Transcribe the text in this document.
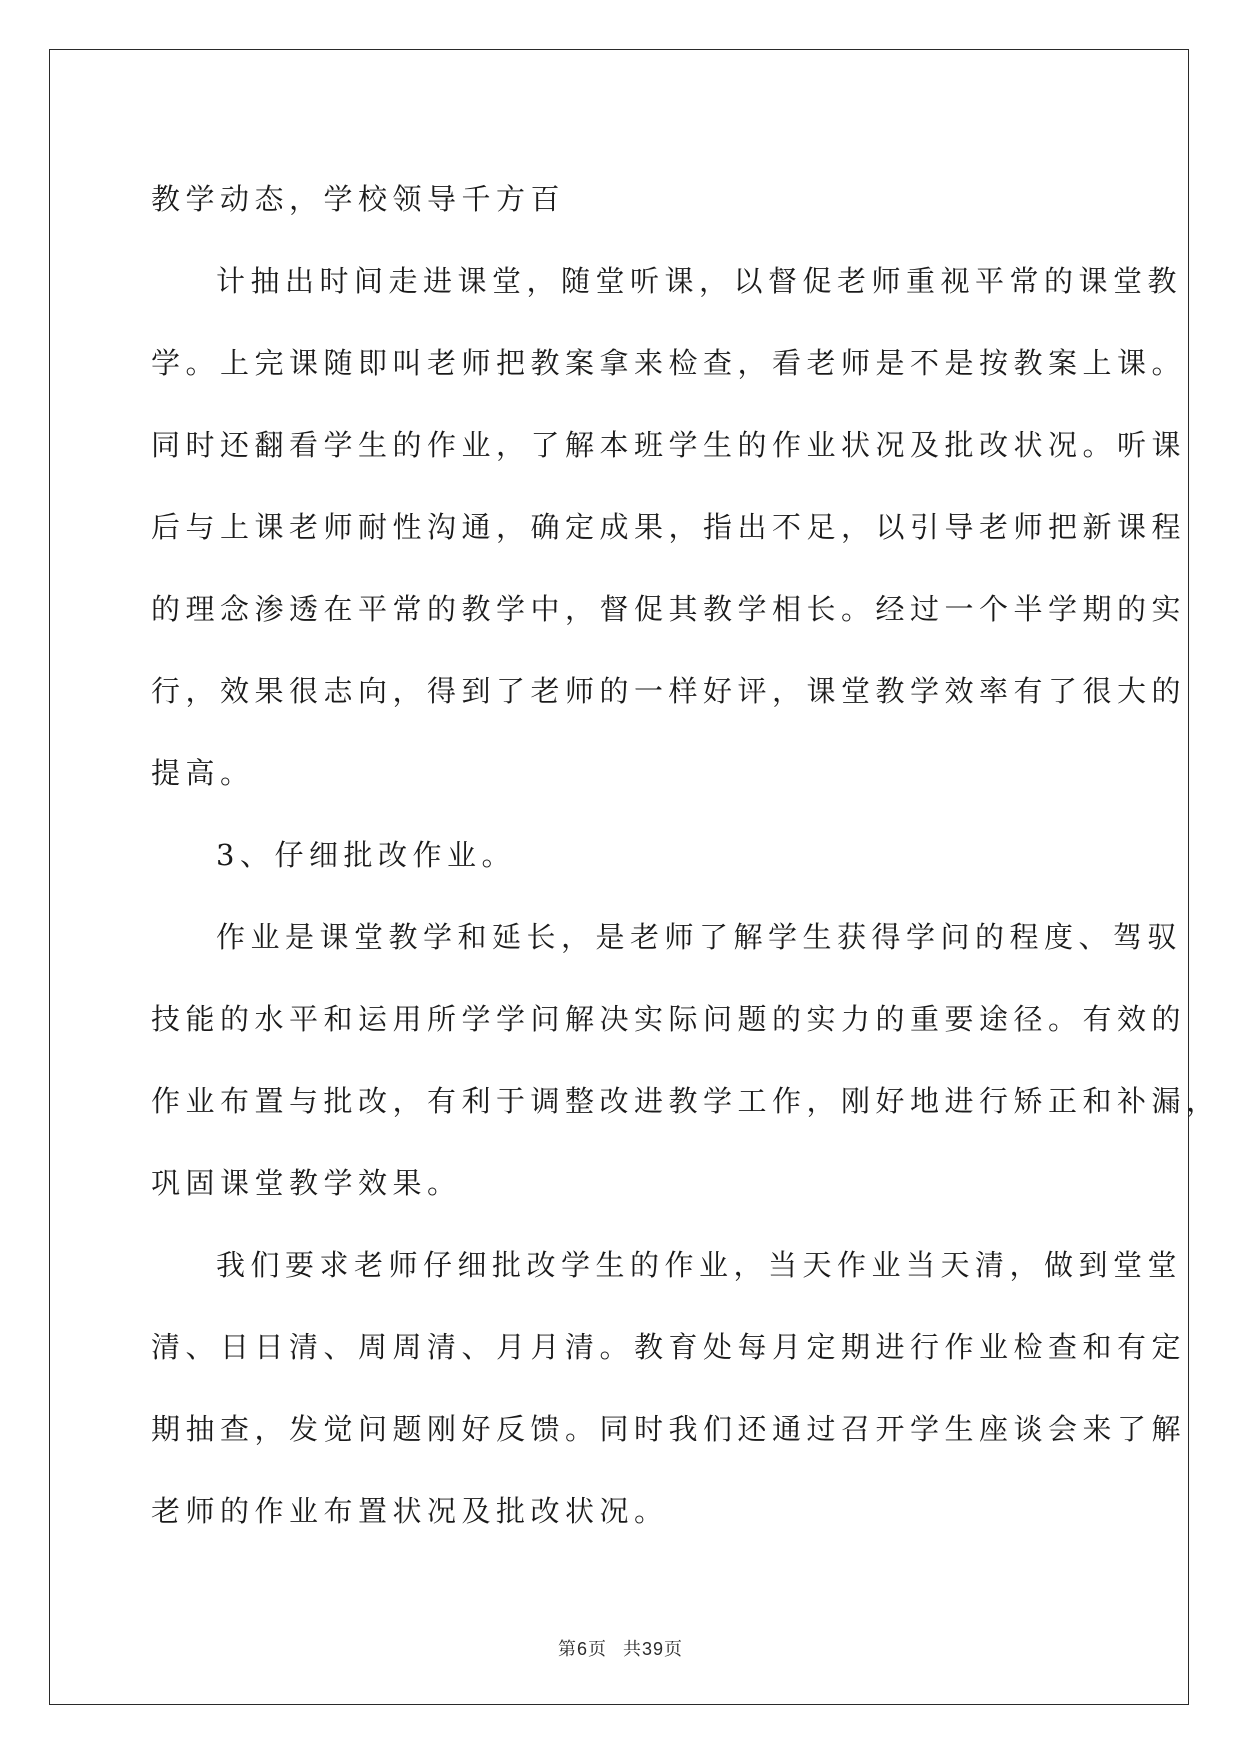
教学动态，学校领导千方百
计抽出时间走进课堂，随堂听课，以督促老师重视平常的课堂教
学。上完课随即叫老师把教案拿来检查，看老师是不是按教案上课。
同时还翻看学生的作业，了解本班学生的作业状况及批改状况。听课
后与上课老师耐性沟通，确定成果，指出不足，以引导老师把新课程
的理念渗透在平常的教学中，督促其教学相长。经过一个半学期的实
行，效果很志向，得到了老师的一样好评，课堂教学效率有了很大的
提高。
3、仔细批改作业。
作业是课堂教学和延长，是老师了解学生获得学问的程度、驾驭
技能的水平和运用所学学问解决实际问题的实力的重要途径。有效的
作业布置与批改，有利于调整改进教学工作，刚好地进行矫正和补漏，
巩固课堂教学效果。
我们要求老师仔细批改学生的作业，当天作业当天清，做到堂堂
清、日日清、周周清、月月清。教育处每月定期进行作业检查和有定
期抽查，发觉问题刚好反馈。同时我们还通过召开学生座谈会来了解
老师的作业布置状况及批改状况。
第6页 共39页
